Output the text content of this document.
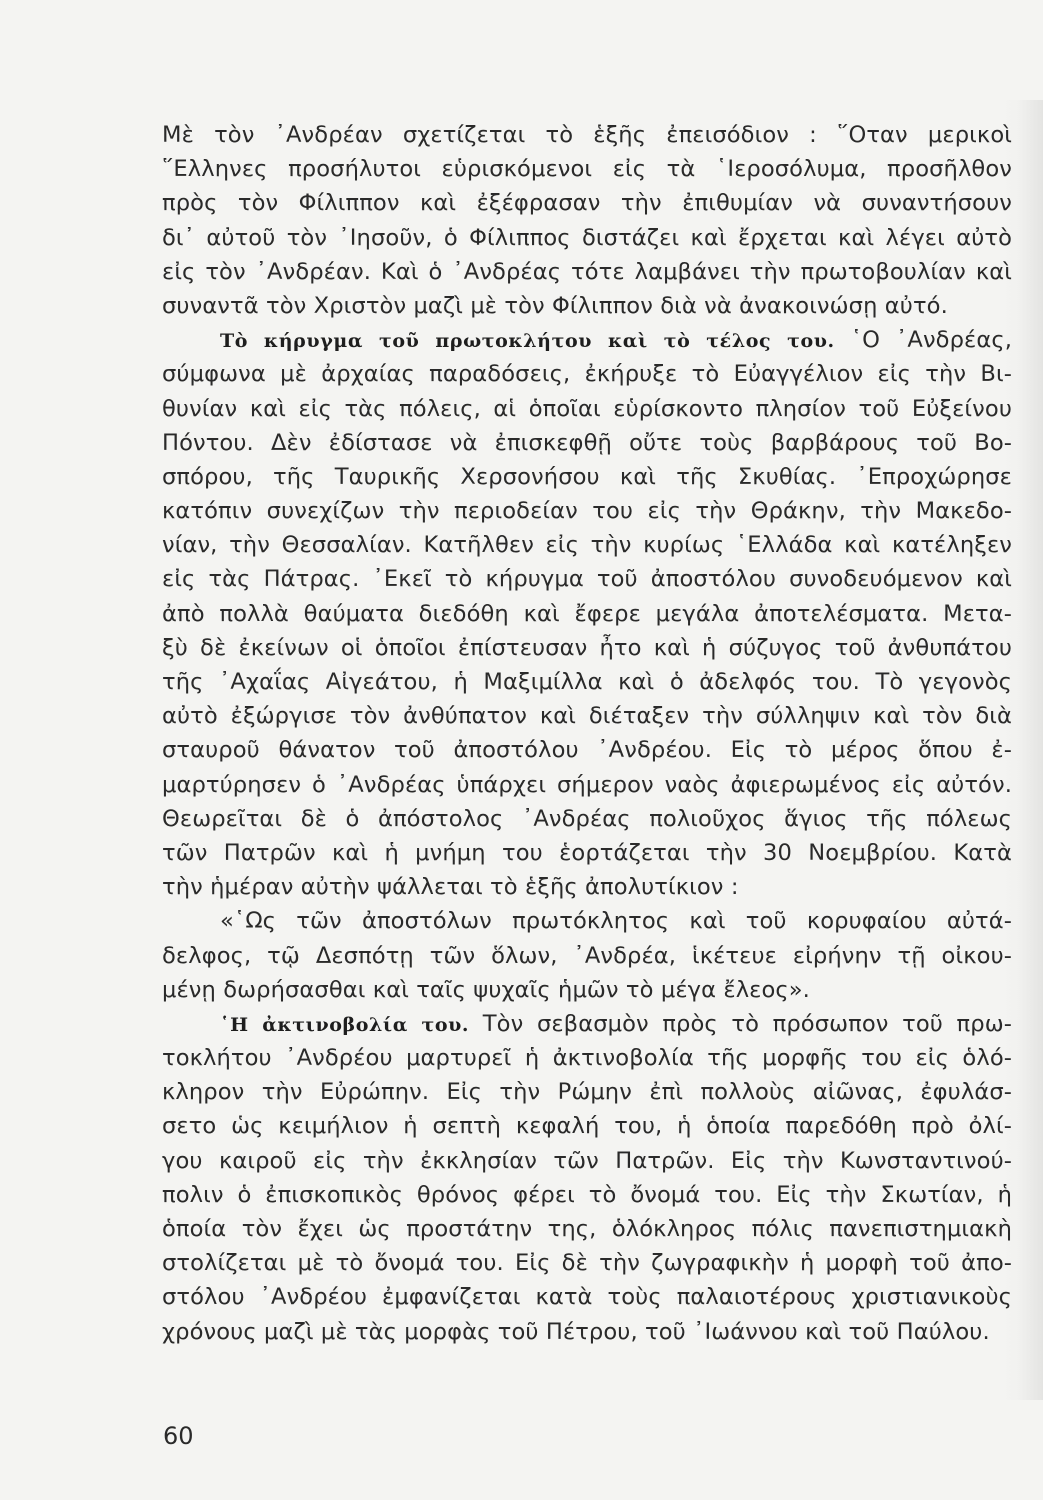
Μὲ τὸν ᾿Ανδρέαν σχετίζεται τὸ ἑξῆς ἐπεισόδιον : ῞Οταν μερικοὶ
῞Ελληνες προσήλυτοι εὑρισκόμενοι εἰς τὰ ῾Ιεροσόλυμα, προσῆλθον
πρὸς τὸν Φίλιππον καὶ ἐξέφρασαν τὴν ἐπιθυμίαν νὰ συναντήσουν
δι᾿ αὐτοῦ τὸν ᾿Ιησοῦν, ὁ Φίλιππος διστάζει καὶ ἔρχεται καὶ λέγει αὐτὸ
εἰς τὸν ᾿Ανδρέαν. Καὶ ὁ ᾿Ανδρέας τότε λαμβάνει τὴν πρωτοβουλίαν καὶ
συναντᾶ τὸν Χριστὸν μαζὶ μὲ τὸν Φίλιππον διὰ νὰ ἀνακοινώσῃ αὐτό.
Τὸ κήρυγμα τοῦ πρωτοκλήτου καὶ τὸ τέλος του. ῾Ο ᾿Ανδρέας,
σύμφωνα μὲ ἀρχαίας παραδόσεις, ἐκήρυξε τὸ Εὐαγγέλιον εἰς τὴν Βι-
θυνίαν καὶ εἰς τὰς πόλεις, αἱ ὁποῖαι εὑρίσκοντο πλησίον τοῦ Εὐξείνου
Πόντου. Δὲν ἐδίστασε νὰ ἐπισκεφθῇ οὔτε τοὺς βαρβάρους τοῦ Βο-
σπόρου, τῆς Ταυρικῆς Χερσονήσου καὶ τῆς Σκυθίας. ᾿Επροχώρησε
κατόπιν συνεχίζων τὴν περιοδείαν του εἰς τὴν Θράκην, τὴν Μακεδο-
νίαν, τὴν Θεσσαλίαν. Κατῆλθεν εἰς τὴν κυρίως ῾Ελλάδα καὶ κατέληξεν
εἰς τὰς Πάτρας. ᾿Εκεῖ τὸ κήρυγμα τοῦ ἀποστόλου συνοδευόμενον καὶ
ἀπὸ πολλὰ θαύματα διεδόθη καὶ ἔφερε μεγάλα ἀποτελέσματα. Μετα-
ξὺ δὲ ἐκείνων οἱ ὁποῖοι ἐπίστευσαν ἦτο καὶ ἡ σύζυγος τοῦ ἀνθυπάτου
τῆς ᾿Αχαΐας Αἰγεάτου, ἡ Μαξιμίλλα καὶ ὁ ἀδελφός του. Τὸ γεγονὸς
αὐτὸ ἐξώργισε τὸν ἀνθύπατον καὶ διέταξεν τὴν σύλληψιν καὶ τὸν διὰ
σταυροῦ θάνατον τοῦ ἀποστόλου ᾿Ανδρέου. Εἰς τὸ μέρος ὅπου ἐ-
μαρτύρησεν ὁ ᾿Ανδρέας ὑπάρχει σήμερον ναὸς ἀφιερωμένος εἰς αὐτόν.
Θεωρεῖται δὲ ὁ ἀπόστολος ᾿Ανδρέας πολιοῦχος ἅγιος τῆς πόλεως
τῶν Πατρῶν καὶ ἡ μνήμη του ἑορτάζεται τὴν 30 Νοεμβρίου. Κατὰ
τὴν ἡμέραν αὐτὴν ψάλλεται τὸ ἑξῆς ἀπολυτίκιον :
«῾Ως τῶν ἀποστόλων πρωτόκλητος καὶ τοῦ κορυφαίου αὐτά-
δελφος, τῷ Δεσπότῃ τῶν ὅλων, ᾿Ανδρέα, ἱκέτευε εἰρήνην τῇ οἰκου-
μένῃ δωρήσασθαι καὶ ταῖς ψυχαῖς ἡμῶν τὸ μέγα ἔλεος».
῾Η ἀκτινοβολία του. Τὸν σεβασμὸν πρὸς τὸ πρόσωπον τοῦ πρω-
τοκλήτου ᾿Ανδρέου μαρτυρεῖ ἡ ἀκτινοβολία τῆς μορφῆς του εἰς ὁλό-
κληρον τὴν Εὐρώπην. Εἰς τὴν Ρώμην ἐπὶ πολλοὺς αἰῶνας, ἐφυλάσ-
σετο ὡς κειμήλιον ἡ σεπτὴ κεφαλή του, ἡ ὁποία παρεδόθη πρὸ ὀλί-
γου καιροῦ εἰς τὴν ἐκκλησίαν τῶν Πατρῶν. Εἰς τὴν Κωνσταντινού-
πολιν ὁ ἐπισκοπικὸς θρόνος φέρει τὸ ὄνομά του. Εἰς τὴν Σκωτίαν, ἡ
ὁποία τὸν ἔχει ὡς προστάτην της, ὁλόκληρος πόλις πανεπιστημιακὴ
στολίζεται μὲ τὸ ὄνομά του. Εἰς δὲ τὴν ζωγραφικὴν ἡ μορφὴ τοῦ ἀπο-
στόλου ᾿Ανδρέου ἐμφανίζεται κατὰ τοὺς παλαιοτέρους χριστιανικοὺς
χρόνους μαζὶ μὲ τὰς μορφὰς τοῦ Πέτρου, τοῦ ᾿Ιωάννου καὶ τοῦ Παύλου.
60
